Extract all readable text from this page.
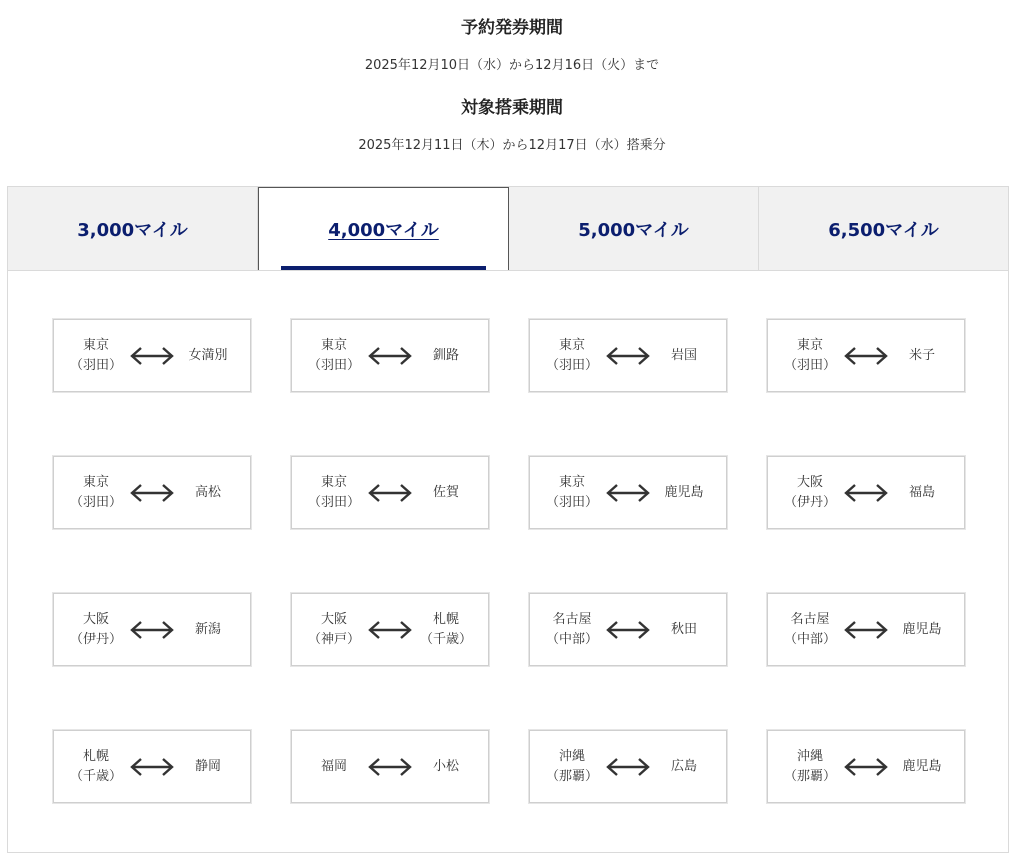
予約発券期間
2025年12月10日（水）から12月16日（火）まで
対象搭乗期間
2025年12月11日（木）から12月17日（水）搭乗分
3,000マイル	4,000マイル	5,000マイル	6,500マイル
東京
（羽田）
女満別
東京
（羽田）
釧路
東京
（羽田）
岩国
東京
（羽田）
米子
東京
（羽田）
高松
東京
（羽田）
佐賀
東京
（羽田）
鹿児島
大阪
（伊丹）
福島
大阪
（伊丹）
新潟
大阪
（神戸）
札幌
（千歳）
名古屋
（中部）
秋田
名古屋
（中部）
鹿児島
札幌
（千歳）
静岡	福岡	小松
沖縄
（那覇）
広島
沖縄
（那覇）
鹿児島
